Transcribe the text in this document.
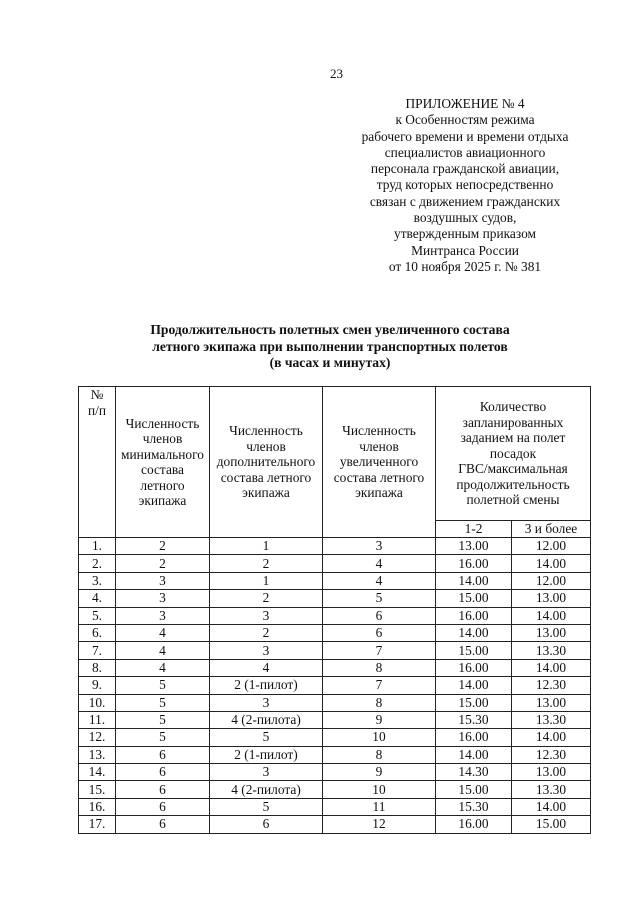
23
ПРИЛОЖЕНИЕ № 4
к Особенностям режима
рабочего времени и времени отдыха
специалистов авиационного
персонала гражданской авиации,
труд которых непосредственно
связан с движением гражданских
воздушных судов,
утвержденным приказом
Минтранса России
от 10 ноября 2025 г. № 381
Продолжительность полетных смен увеличенного состава
летного экипажа при выполнении транспортных полетов
(в часах и минутах)
№
п/п

Численность
членов
минимального
состава
летного
экипажа

Численность
членов
дополнительного
состава летного
экипажа

Численность
членов
увеличенного
состава летного
экипажа

Количество
запланированных
заданием на полет
посадок
ГВС/максимальная
продолжительность
полетной смены

				1-2	3 и более
1.	2	1	3	13.00	12.00
2.	2	2	4	16.00	14.00
3.	3	1	4	14.00	12.00
4.	3	2	5	15.00	13.00
5.	3	3	6	16.00	14.00
6.	4	2	6	14.00	13.00
7.	4	3	7	15.00	13.30
8.	4	4	8	16.00	14.00
9.	5	2 (1-пилот)	7	14.00	12.30
10.	5	3	8	15.00	13.00
11.	5	4 (2-пилота)	9	15.30	13.30
12.	5	5	10	16.00	14.00
13.	6	2 (1-пилот)	8	14.00	12.30
14.	6	3	9	14.30	13.00
15.	6	4 (2-пилота)	10	15.00	13.30
16.	6	5	11	15.30	14.00
17.	6	6	12	16.00	15.00
